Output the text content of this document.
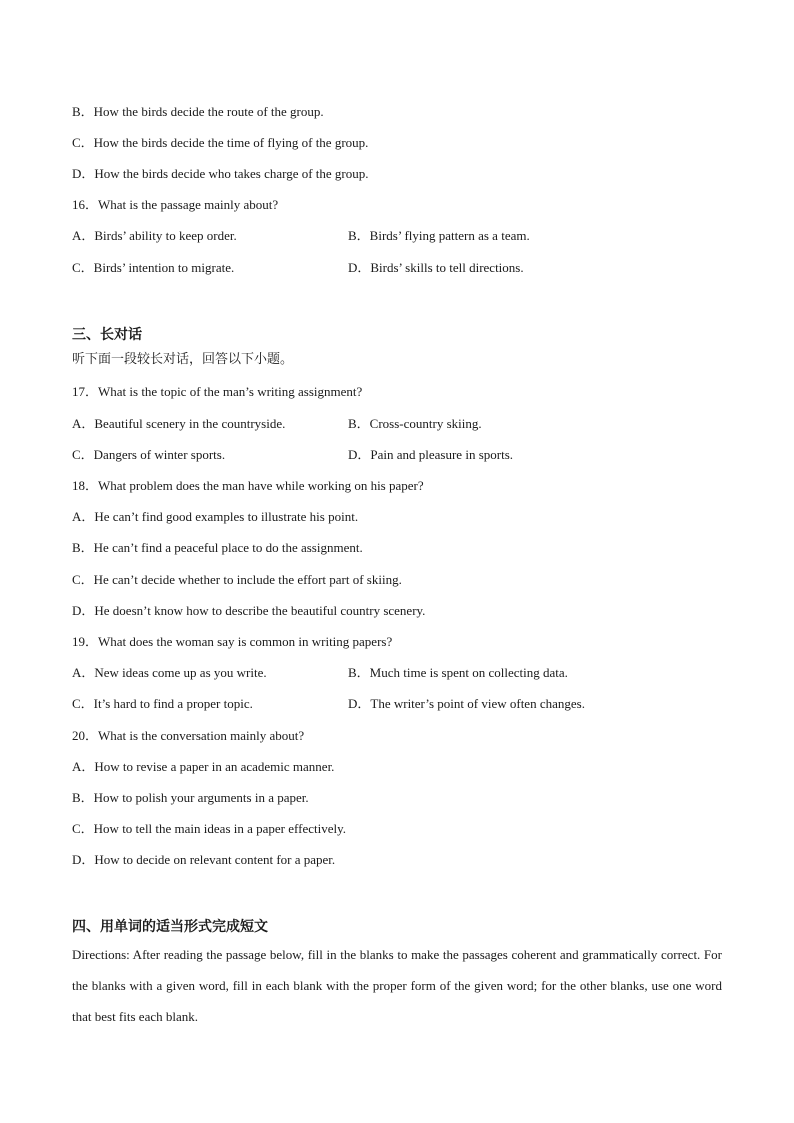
B．How the birds decide the route of the group.
C．How the birds decide the time of flying of the group.
D．How the birds decide who takes charge of the group.
16．What is the passage mainly about?
A．Birds’ ability to keep order.	B．Birds’ flying pattern as a team.
C．Birds’ intention to migrate.	D．Birds’ skills to tell directions.
三、长对话
听下面一段较长对话，回答以下小题。
17．What is the topic of the man’s writing assignment?
A．Beautiful scenery in the countryside.	B．Cross-country skiing.
C．Dangers of winter sports.	D．Pain and pleasure in sports.
18．What problem does the man have while working on his paper?
A．He can’t find good examples to illustrate his point.
B．He can’t find a peaceful place to do the assignment.
C．He can’t decide whether to include the effort part of skiing.
D．He doesn’t know how to describe the beautiful country scenery.
19．What does the woman say is common in writing papers?
A．New ideas come up as you write.	B．Much time is spent on collecting data.
C．It’s hard to find a proper topic.	D．The writer’s point of view often changes.
20．What is the conversation mainly about?
A．How to revise a paper in an academic manner.
B．How to polish your arguments in a paper.
C．How to tell the main ideas in a paper effectively.
D．How to decide on relevant content for a paper.
四、用单词的适当形式完成短文
Directions: After reading the passage below, fill in the blanks to make the passages coherent and grammatically correct. For the blanks with a given word, fill in each blank with the proper form of the given word; for the other blanks, use one word that best fits each blank.
